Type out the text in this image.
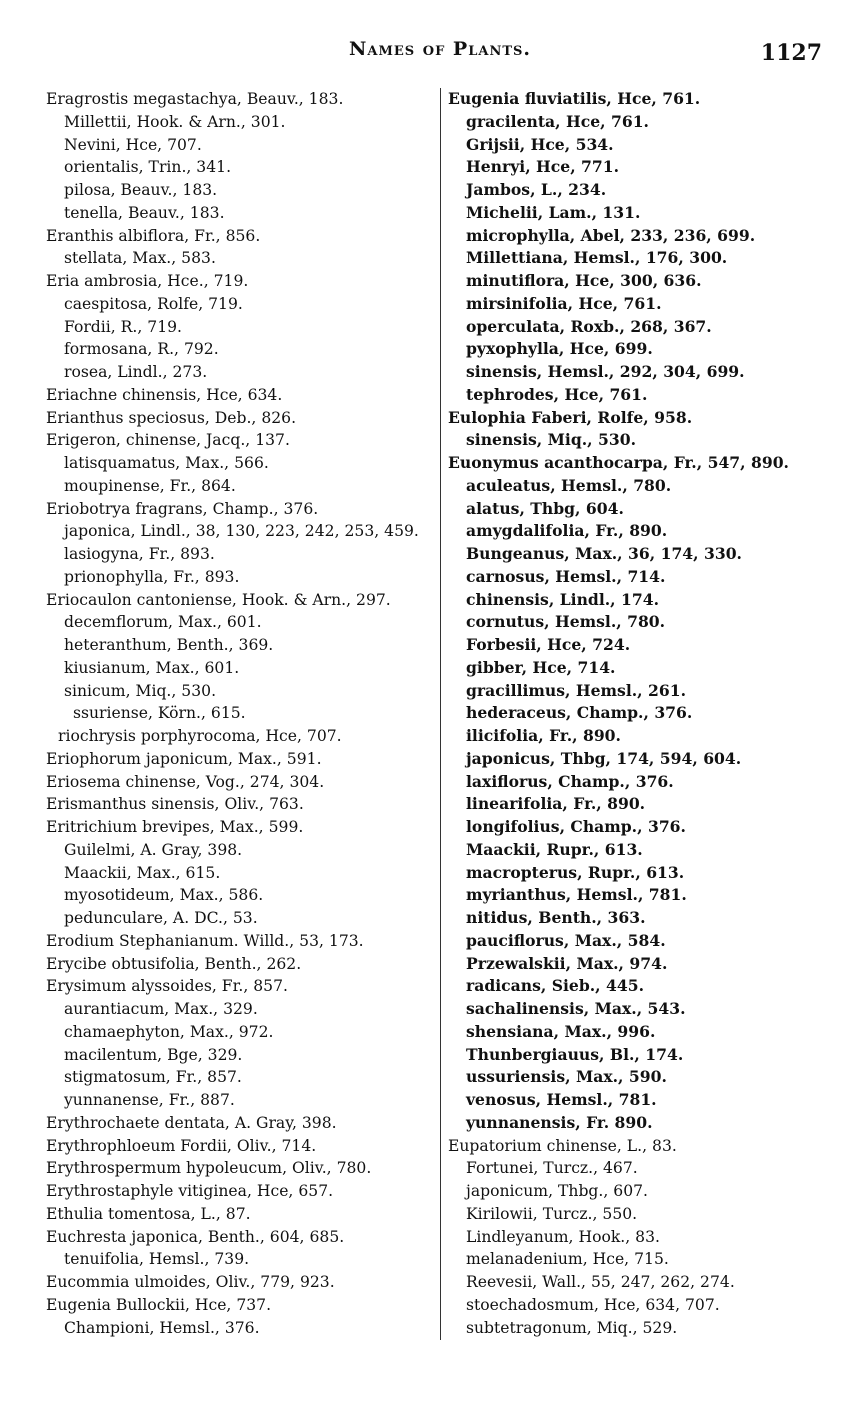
Names of Plants.	1127
Eragrostis megastachya, Beauv., 183.
Millettii, Hook. & Arn., 301.
Nevini, Hce, 707.
orientalis, Trin., 341.
pilosa, Beauv., 183.
tenella, Beauv., 183.
Eranthis albiflora, Fr., 856.
stellata, Max., 583.
Eria ambrosia, Hce., 719.
caespitosa, Rolfe, 719.
Fordii, R., 719.
formosana, R., 792.
rosea, Lindl., 273.
Eriachne chinensis, Hce, 634.
Erianthus speciosus, Deb., 826.
Erigeron, chinense, Jacq., 137.
latisquamatus, Max., 566.
moupinense, Fr., 864.
Eriobotrya fragrans, Champ., 376.
japonica, Lindl., 38, 130, 223, 242, 253, 459.
lasiogyna, Fr., 893.
prionophylla, Fr., 893.
Eriocaulon cantoniense, Hook. & Arn., 297.
decemflorum, Max., 601.
heteranthum, Benth., 369.
kiusianum, Max., 601.
sinicum, Miq., 530.
ssuriense, Körn., 615.
riochrysis porphyrocoma, Hce, 707.
Eriophorum japonicum, Max., 591.
Eriosema chinense, Vog., 274, 304.
Erismanthus sinensis, Oliv., 763.
Eritrichium brevipes, Max., 599.
Guilelmi, A. Gray, 398.
Maackii, Max., 615.
myosotideum, Max., 586.
pedunculare, A. DC., 53.
Erodium Stephanianum. Willd., 53, 173.
Erycibe obtusifolia, Benth., 262.
Erysimum alyssoides, Fr., 857.
aurantiacum, Max., 329.
chamaephyton, Max., 972.
macilentum, Bge, 329.
stigmatosum, Fr., 857.
yunnanense, Fr., 887.
Erythrochaete dentata, A. Gray, 398.
Erythrophloeum Fordii, Oliv., 714.
Erythrospermum hypoleucum, Oliv., 780.
Erythrostaphyle vitiginea, Hce, 657.
Ethulia tomentosa, L., 87.
Euchresta japonica, Benth., 604, 685.
tenuifolia, Hemsl., 739.
Eucommia ulmoides, Oliv., 779, 923.
Eugenia Bullockii, Hce, 737.
Championi, Hemsl., 376.
Eugenia fluviatilis, Hce, 761.
gracilenta, Hce, 761.
Grijsii, Hce, 534.
Henryi, Hce, 771.
Jambos, L., 234.
Michelii, Lam., 131.
microphylla, Abel, 233, 236, 699.
Millettiana, Hemsl., 176, 300.
minutiflora, Hce, 300, 636.
mirsinifolia, Hce, 761.
operculata, Roxb., 268, 367.
pyxophylla, Hce, 699.
sinensis, Hemsl., 292, 304, 699.
tephrodes, Hce, 761.
Eulophia Faberi, Rolfe, 958.
sinensis, Miq., 530.
Euonymus acanthocarpa, Fr., 547, 890.
aculeatus, Hemsl., 780.
alatus, Thbg, 604.
amygdalifolia, Fr., 890.
Bungeanus, Max., 36, 174, 330.
carnosus, Hemsl., 714.
chinensis, Lindl., 174.
cornutus, Hemsl., 780.
Forbesii, Hce, 724.
gibber, Hce, 714.
gracillimus, Hemsl., 261.
hederaceus, Champ., 376.
ilicifolia, Fr., 890.
japonicus, Thbg, 174, 594, 604.
laxiflorus, Champ., 376.
linearifolia, Fr., 890.
longifolius, Champ., 376.
Maackii, Rupr., 613.
macropterus, Rupr., 613.
myrianthus, Hemsl., 781.
nitidus, Benth., 363.
pauciflorus, Max., 584.
Przewalskii, Max., 974.
radicans, Sieb., 445.
sachalinensis, Max., 543.
shensiana, Max., 996.
Thunbergiauus, Bl., 174.
ussuriensis, Max., 590.
venosus, Hemsl., 781.
yunnanensis, Fr. 890.
Eupatorium chinense, L., 83.
Fortunei, Turcz., 467.
japonicum, Thbg., 607.
Kirilowii, Turcz., 550.
Lindleyanum, Hook., 83.
melanadenium, Hce, 715.
Reevesii, Wall., 55, 247, 262, 274.
stoechadosmum, Hce, 634, 707.
subtetragonum, Miq., 529.
